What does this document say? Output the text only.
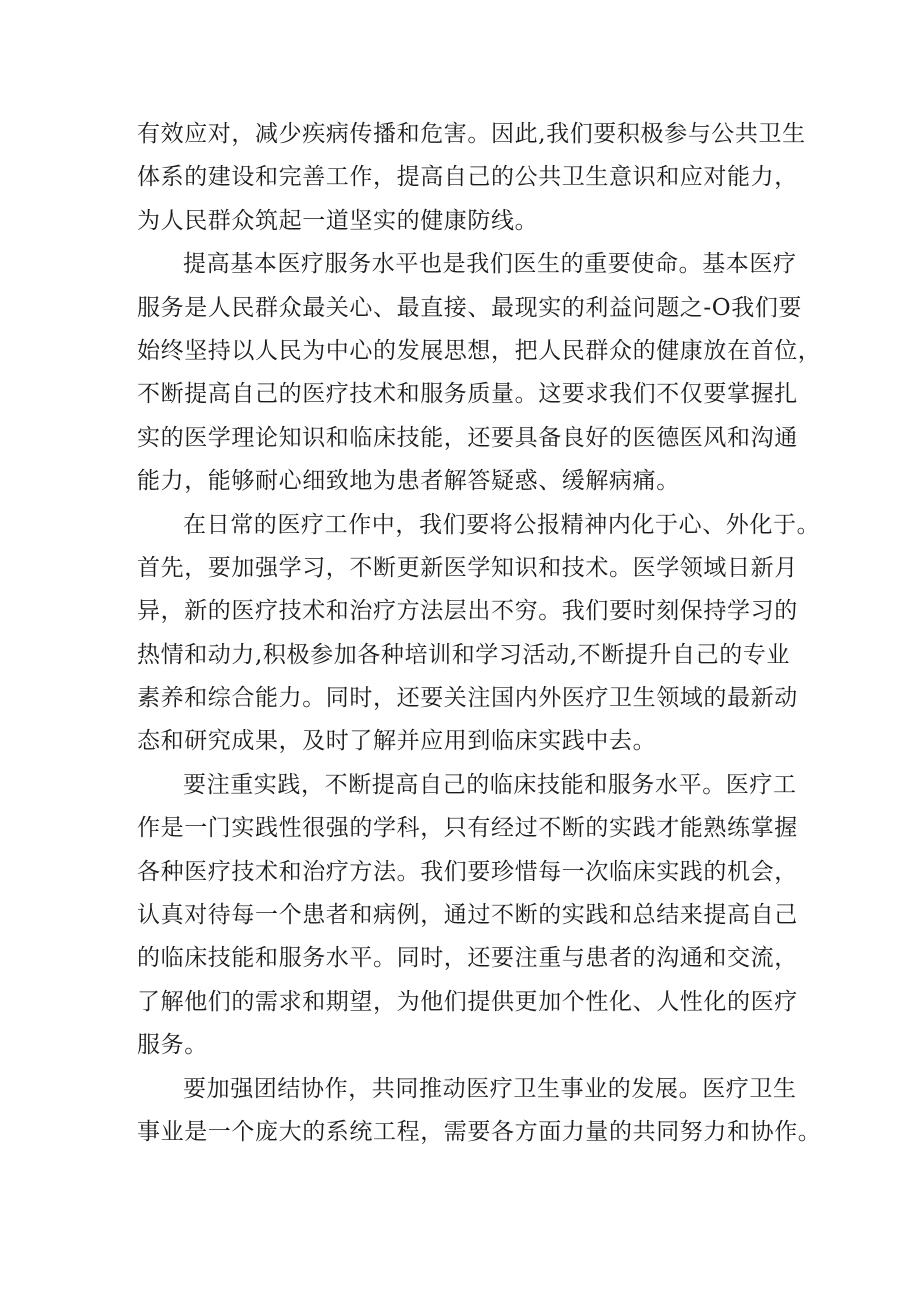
有效应对，减少疾病传播和危害。因此,我们要积极参与公共卫生
体系的建设和完善工作，提高自己的公共卫生意识和应对能力，
为人民群众筑起一道坚实的健康防线。
提高基本医疗服务水平也是我们医生的重要使命。基本医疗
服务是人民群众最关心、最直接、最现实的利益问题之-O我们要
始终坚持以人民为中心的发展思想，把人民群众的健康放在首位，
不断提高自己的医疗技术和服务质量。这要求我们不仅要掌握扎
实的医学理论知识和临床技能，还要具备良好的医德医风和沟通
能力，能够耐心细致地为患者解答疑惑、缓解病痛。
在日常的医疗工作中，我们要将公报精神内化于心、外化于。
首先，要加强学习，不断更新医学知识和技术。医学领域日新月
异，新的医疗技术和治疗方法层出不穷。我们要时刻保持学习的
热情和动力,积极参加各种培训和学习活动,不断提升自己的专业
素养和综合能力。同时，还要关注国内外医疗卫生领域的最新动
态和研究成果，及时了解并应用到临床实践中去。
要注重实践，不断提高自己的临床技能和服务水平。医疗工
作是一门实践性很强的学科，只有经过不断的实践才能熟练掌握
各种医疗技术和治疗方法。我们要珍惜每一次临床实践的机会，
认真对待每一个患者和病例，通过不断的实践和总结来提高自己
的临床技能和服务水平。同时，还要注重与患者的沟通和交流，
了解他们的需求和期望，为他们提供更加个性化、人性化的医疗
服务。
要加强团结协作，共同推动医疗卫生事业的发展。医疗卫生
事业是一个庞大的系统工程，需要各方面力量的共同努力和协作。
